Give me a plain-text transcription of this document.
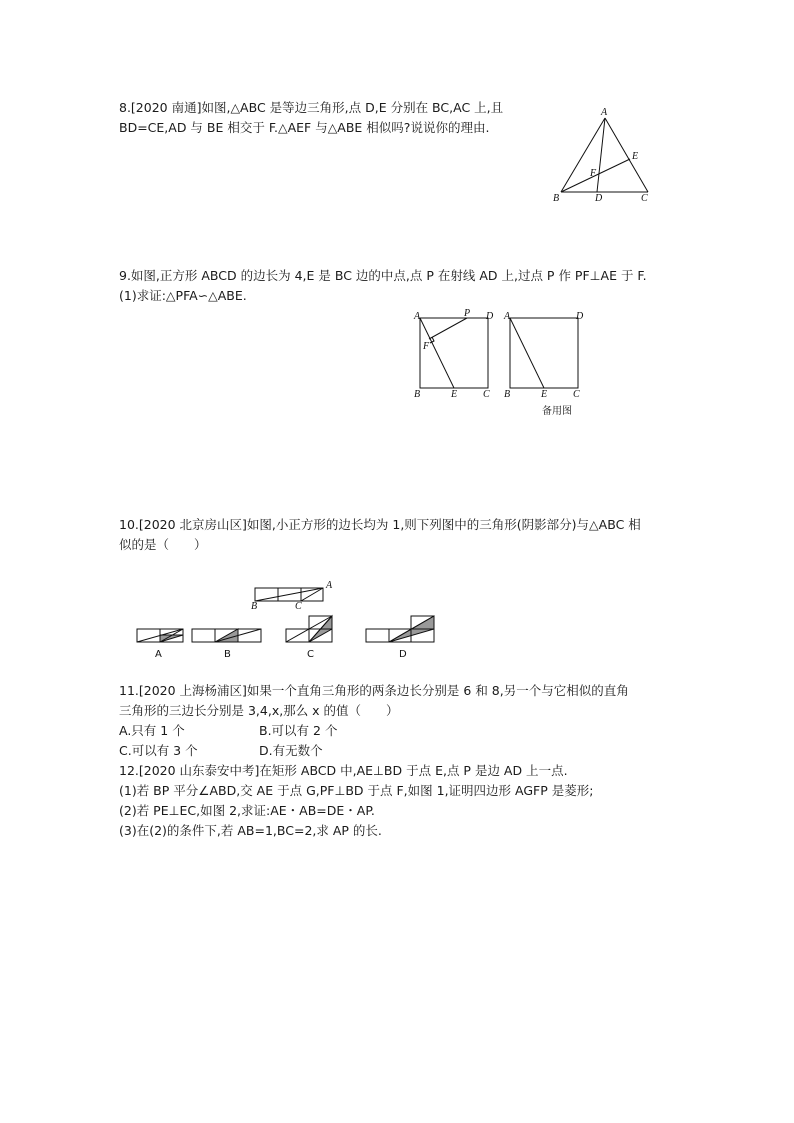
8.[2020 南通]如图,△ABC 是等边三角形,点 D,E 分别在 BC,AC 上,且
BD=CE,AD 与 BE 相交于 F.△AEF 与△ABE 相似吗?说说你的理由.
A
B	D	C
E
F
9.如图,正方形 ABCD 的边长为 4,E 是 BC 边的中点,点 P 在射线 AD 上,过点 P 作 PF⊥AE 于 F.
(1)求证:△PFA∽△ABE.
A	P D
F
B	E	C
A	D
B	E	C
备用图
10.[2020 北京房山区]如图,小正方形的边长均为 1,则下列图中的三角形(阴影部分)与△ABC 相
似的是（　　）
A
B	C
A	B	C	D
11.[2020 上海杨浦区]如果一个直角三角形的两条边长分别是 6 和 8,另一个与它相似的直角
三角形的三边长分别是 3,4,x,那么 x 的值（　　）
A.只有 1 个	B.可以有 2 个
C.可以有 3 个	D.有无数个
12.[2020 山东泰安中考]在矩形 ABCD 中,AE⊥BD 于点 E,点 P 是边 AD 上一点.
(1)若 BP 平分∠ABD,交 AE 于点 G,PF⊥BD 于点 F,如图 1,证明四边形 AGFP 是菱形;
(2)若 PE⊥EC,如图 2,求证:AE・AB=DE・AP.
(3)在(2)的条件下,若 AB=1,BC=2,求 AP 的长.
